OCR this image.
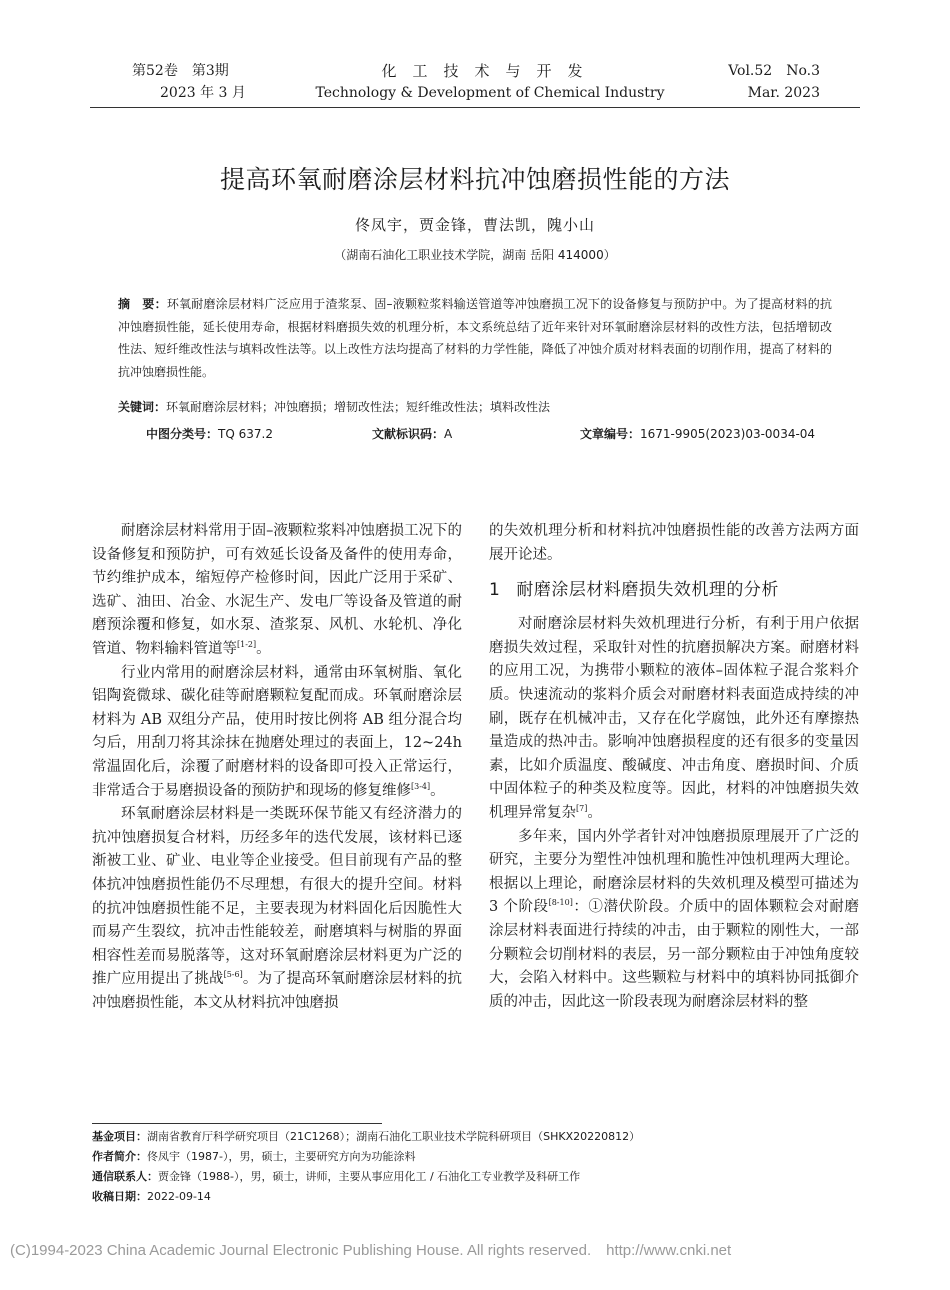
第52卷　第3期
2023 年 3 月
化工技术与开发
Technology & Development of Chemical Industry
Vol.52　No.3
Mar. 2023
提高环氧耐磨涂层材料抗冲蚀磨损性能的方法
佟凤宇，贾金锋，曹法凯，隗小山
（湖南石油化工职业技术学院，湖南 岳阳 414000）
摘　要：环氧耐磨涂层材料广泛应用于渣浆泵、固–液颗粒浆料输送管道等冲蚀磨损工况下的设备修复与预防护中。为了提高材料的抗冲蚀磨损性能，延长使用寿命，根据材料磨损失效的机理分析，本文系统总结了近年来针对环氧耐磨涂层材料的改性方法，包括增韧改性法、短纤维改性法与填料改性法等。以上改性方法均提高了材料的力学性能，降低了冲蚀介质对材料表面的切削作用，提高了材料的抗冲蚀磨损性能。
关键词：环氧耐磨涂层材料；冲蚀磨损；增韧改性法；短纤维改性法；填料改性法
中图分类号：TQ 637.2	文献标识码：A	文章编号：1671-9905(2023)03-0034-04

耐磨涂层材料常用于固–液颗粒浆料冲蚀磨损工况下的设备修复和预防护，可有效延长设备及备件的使用寿命，节约维护成本，缩短停产检修时间，因此广泛用于采矿、选矿、油田、冶金、水泥生产、发电厂等设备及管道的耐磨预涂覆和修复，如水泵、渣浆泵、风机、水轮机、净化管道、物料输料管道等[1-2]。

行业内常用的耐磨涂层材料，通常由环氧树脂、氧化铝陶瓷微球、碳化硅等耐磨颗粒复配而成。环氧耐磨涂层材料为 AB 双组分产品，使用时按比例将 AB 组分混合均匀后，用刮刀将其涂抹在抛磨处理过的表面上，12~24h 常温固化后，涂覆了耐磨材料的设备即可投入正常运行，非常适合于易磨损设备的预防护和现场的修复维修[3-4]。

环氧耐磨涂层材料是一类既环保节能又有经济潜力的抗冲蚀磨损复合材料，历经多年的迭代发展，该材料已逐渐被工业、矿业、电业等企业接受。但目前现有产品的整体抗冲蚀磨损性能仍不尽理想，有很大的提升空间。材料的抗冲蚀磨损性能不足，主要表现为材料固化后因脆性大而易产生裂纹，抗冲击性能较差，耐磨填料与树脂的界面相容性差而易脱落等，这对环氧耐磨涂层材料更为广泛的推广应用提出了挑战[5-6]。为了提高环氧耐磨涂层材料的抗冲蚀磨损性能，本文从材料抗冲蚀磨损

的失效机理分析和材料抗冲蚀磨损性能的改善方法两方面展开论述。

1 耐磨涂层材料磨损失效机理的分析

对耐磨涂层材料失效机理进行分析，有利于用户依据磨损失效过程，采取针对性的抗磨损解决方案。耐磨材料的应用工况，为携带小颗粒的液体–固体粒子混合浆料介质。快速流动的浆料介质会对耐磨材料表面造成持续的冲刷，既存在机械冲击，又存在化学腐蚀，此外还有摩擦热量造成的热冲击。影响冲蚀磨损程度的还有很多的变量因素，比如介质温度、酸碱度、冲击角度、磨损时间、介质中固体粒子的种类及粒度等。因此，材料的冲蚀磨损失效机理异常复杂[7]。

多年来，国内外学者针对冲蚀磨损原理展开了广泛的研究，主要分为塑性冲蚀机理和脆性冲蚀机理两大理论。根据以上理论，耐磨涂层材料的失效机理及模型可描述为 3 个阶段[8-10]：①潜伏阶段。介质中的固体颗粒会对耐磨涂层材料表面进行持续的冲击，由于颗粒的刚性大，一部分颗粒会切削材料的表层，另一部分颗粒由于冲蚀角度较大，会陷入材料中。这些颗粒与材料中的填料协同抵御介质的冲击，因此这一阶段表现为耐磨涂层材料的整

基金项目：湖南省教育厅科学研究项目（21C1268）；湖南石油化工职业技术学院科研项目（SHKX20220812）
作者简介：佟凤宇（1987-），男，硕士，主要研究方向为功能涂料
通信联系人：贾金锋（1988-），男，硕士，讲师，主要从事应用化工 / 石油化工专业教学及科研工作
收稿日期：2022-09-14
(C)1994-2023 China Academic Journal Electronic Publishing House. All rights reserved.　http://www.cnki.net
